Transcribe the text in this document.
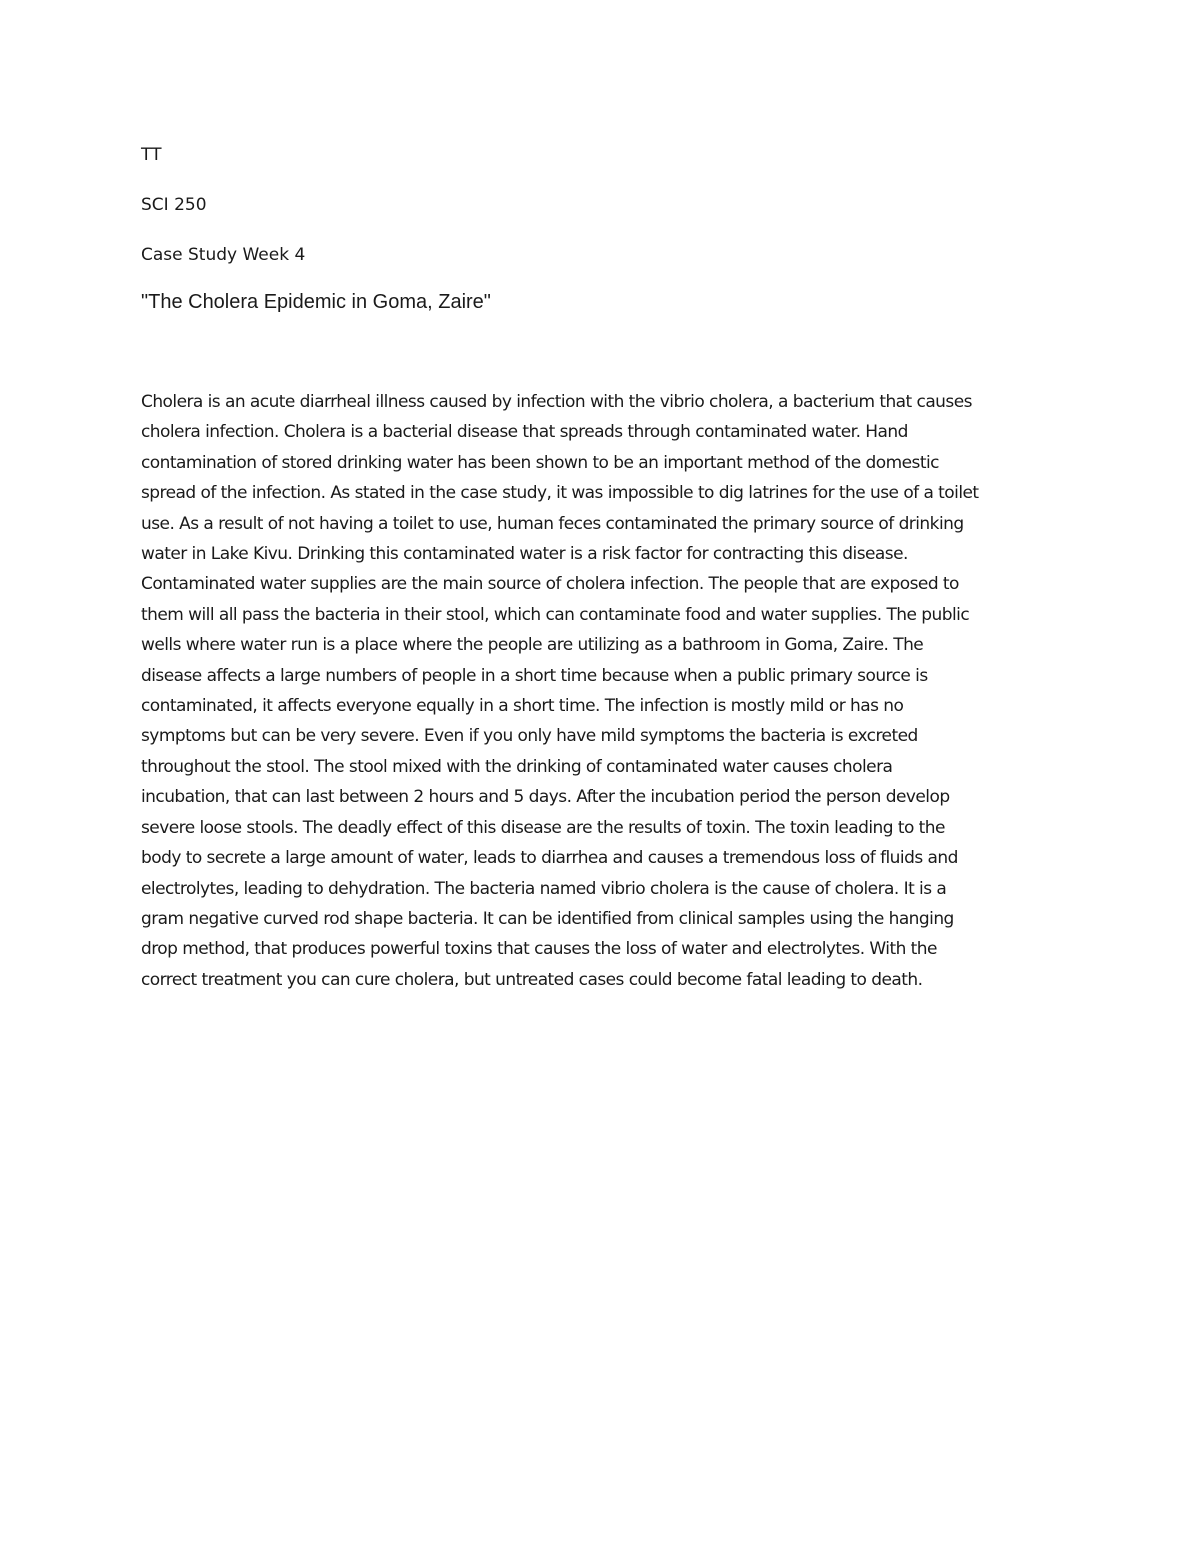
TT

SCI 250

Case Study Week 4

"The Cholera Epidemic in Goma, Zaire"

Cholera is an acute diarrheal illness caused by infection with the vibrio cholera, a bacterium that causes
cholera infection. Cholera is a bacterial disease that spreads through contaminated water. Hand
contamination of stored drinking water has been shown to be an important method of the domestic
spread of the infection. As stated in the case study, it was impossible to dig latrines for the use of a toilet
use. As a result of not having a toilet to use, human feces contaminated the primary source of drinking
water in Lake Kivu. Drinking this contaminated water is a risk factor for contracting this disease.
Contaminated water supplies are the main source of cholera infection. The people that are exposed to
them will all pass the bacteria in their stool, which can contaminate food and water supplies. The public
wells where water run is a place where the people are utilizing as a bathroom in Goma, Zaire. The
disease affects a large numbers of people in a short time because when a public primary source is
contaminated, it affects everyone equally in a short time. The infection is mostly mild or has no
symptoms but can be very severe. Even if you only have mild symptoms the bacteria is excreted
throughout the stool. The stool mixed with the drinking of contaminated water causes cholera
incubation, that can last between 2 hours and 5 days. After the incubation period the person develop
severe loose stools. The deadly effect of this disease are the results of toxin. The toxin leading to the
body to secrete a large amount of water, leads to diarrhea and causes a tremendous loss of fluids and
electrolytes, leading to dehydration. The bacteria named vibrio cholera is the cause of cholera. It is a
gram negative curved rod shape bacteria. It can be identified from clinical samples using the hanging
drop method, that produces powerful toxins that causes the loss of water and electrolytes. With the
correct treatment you can cure cholera, but untreated cases could become fatal leading to death.
